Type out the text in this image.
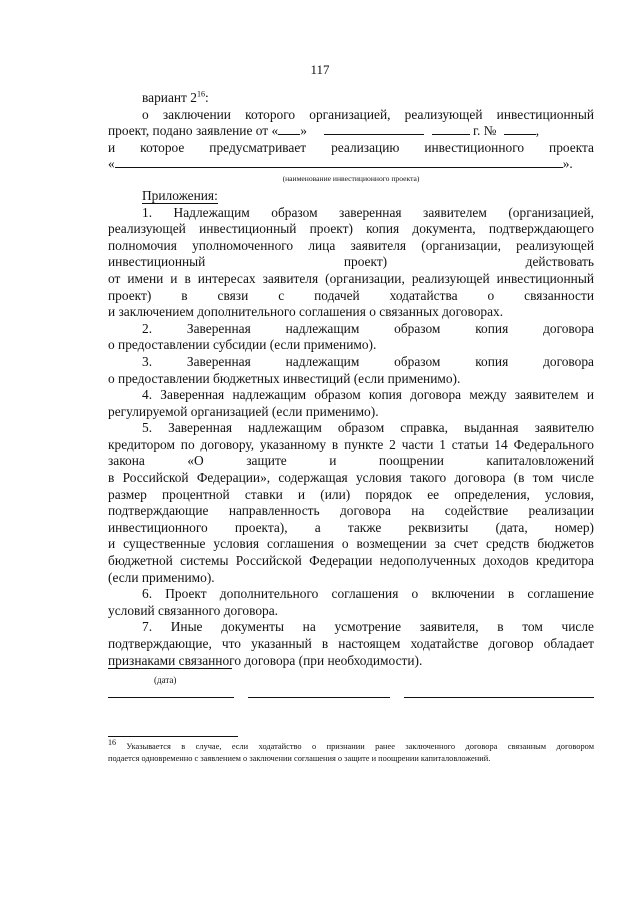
117
вариант $2^{16}$:
о заключении которого организацией, реализующей инвестиционный
проект, подано заявление от « »	г. №	,
и которое предусматривает реализацию инвестиционного проекта
«	».
(наименование инвестиционного проекта)
Приложения:
1. Надлежащим образом заверенная заявителем (организацией,
реализующей инвестиционный проект) копия документа, подтверждающего
полномочия уполномоченного лица заявителя (организации, реализующей
инвестиционный проект) действовать
от имени и в интересах заявителя (организации, реализующей инвестиционный
проект) в связи с подачей ходатайства о связанности
и заключением дополнительного соглашения о связанных договорах.
2. Заверенная надлежащим образом копия договора
о предоставлении субсидии (если применимо).
3. Заверенная надлежащим образом копия договора
о предоставлении бюджетных инвестиций (если применимо).
4. Заверенная надлежащим образом копия договора между заявителем и
регулируемой организацией (если применимо).
5. Заверенная надлежащим образом справка, выданная заявителю
кредитором по договору, указанному в пункте 2 части 1 статьи 14 Федерального
закона «О защите и поощрении капиталовложений
в Российской Федерации», содержащая условия такого договора (в том числе
размер процентной ставки и (или) порядок ее определения, условия,
подтверждающие направленность договора на содействие реализации
инвестиционного проекта), а также реквизиты (дата, номер)
и существенные условия соглашения о возмещении за счет средств бюджетов
бюджетной системы Российской Федерации недополученных доходов кредитора
(если применимо).
6. Проект дополнительного соглашения о включении в соглашение
условий связанного договора.
7. Иные документы на усмотрение заявителя, в том числе
подтверждающие, что указанный в настоящем ходатайстве договор обладает
признаками связанного договора (при необходимости).
(дата)
$^{16}$ Указывается в случае, если ходатайство о признании ранее заключенного договора связанным договором
подается одновременно с заявлением о заключении соглашения о защите и поощрении капиталовложений.
